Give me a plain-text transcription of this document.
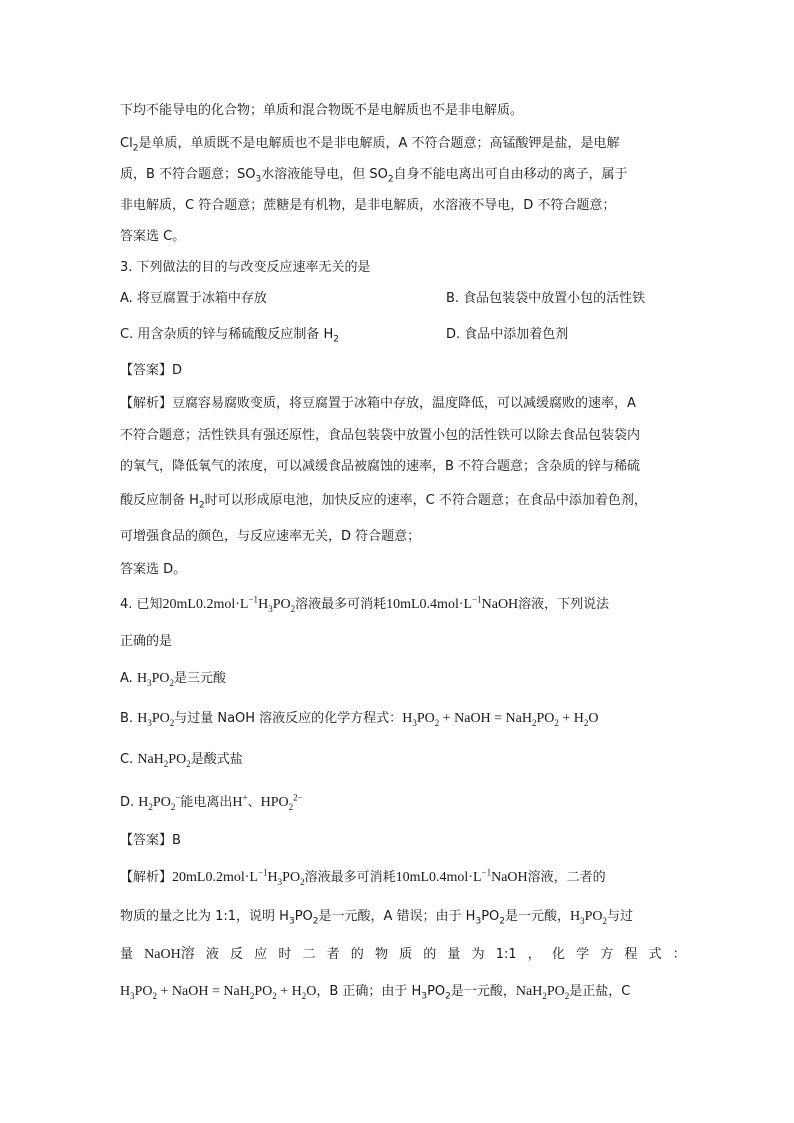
下均不能导电的化合物；单质和混合物既不是电解质也不是非电解质。
$Cl_2$是单质，单质既不是电解质也不是非电解质，A 不符合题意；高锰酸钾是盐，是电解
质，B 不符合题意；$SO_3$水溶液能导电，但 $SO_2$自身不能电离出可自由移动的离子，属于
非电解质，C 符合题意；蔗糖是有机物，是非电解质，水溶液不导电，D 不符合题意；
答案选 C。
3. 下列做法的目的与改变反应速率无关的是
A. 将豆腐置于冰箱中存放	B. 食品包装袋中放置小包的活性铁
C. 用含杂质的锌与稀硫酸反应制备 $H_2$	D. 食品中添加着色剂
【答案】D
【解析】豆腐容易腐败变质，将豆腐置于冰箱中存放，温度降低，可以减缓腐败的速率，A
不符合题意；活性铁具有强还原性，食品包装袋中放置小包的活性铁可以除去食品包装袋内
的氧气，降低氧气的浓度，可以减缓食品被腐蚀的速率，B 不符合题意；含杂质的锌与稀硫
酸反应制备 $H_2$时可以形成原电池，加快反应的速率，C 不符合题意；在食品中添加着色剂，
可增强食品的颜色，与反应速率无关，D 符合题意；
答案选 D。
4. 已知$20mL0.2mol\cdot L^{-1}H_3PO_2$溶液最多可消耗$10mL0.4mol\cdot L^{-1}NaOH$溶液，下列说法
正确的是
A. $H_3PO_2$是三元酸
B. $H_3PO_2$与过量 NaOH 溶液反应的化学方程式：$H_3PO_2$ + NaOH = $NaH_2PO_2 + H_2O$
C. $NaH_2PO_2$是酸式盐
D. $H_2PO_2^-$能电离出H+、$HPO_2^{2-}$
【答案】B
【解析】$20mL0.2mol\cdot L^{-1}H_3PO_2$溶液最多可消耗$10mL0.4mol\cdot L^{-1}NaOH$溶液，二者的
物质的量之比为 1:1，说明 $H_3PO_2$是一元酸，A 错误；由于 $H_3PO_2$是一元酸，$H_3PO_2$与过
量 NaOH溶 液 反 应 时 二 者 的 物 质 的 量 为 1:1 ， 化 学 方 程 式 ：
$H_3PO_2$ + NaOH = $NaH_2PO_2 + H_2O$，B 正确；由于 $H_3PO_2$是一元酸，$NaH_2PO_2$是正盐，C
